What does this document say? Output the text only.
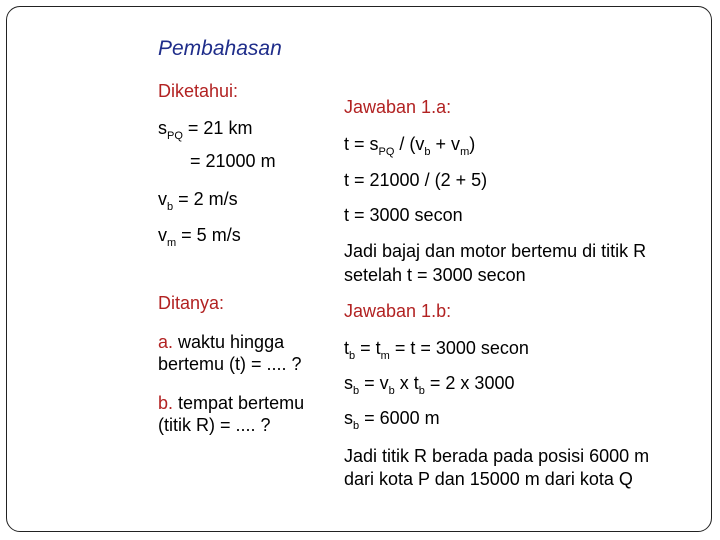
Pembahasan
Diketahui:
$s_{PQ} = 21$ km
= 21000 m
$v_b = 2$ m/s
$v_m = 5$ m/s
Ditanya:
a. waktu hingga
bertemu (t) = .... ?
b. tempat bertemu
(titik R) = .... ?
Jawaban 1.a:
$t = s_{PQ} / (v_b + v_m)$
t = 21000 / (2 + 5)
t = 3000 secon
Jadi bajaj dan motor bertemu di titik R
setelah t = 3000 secon
Jawaban 1.b:
$t_b = t_m = t = 3000$ secon
$s_b = v_b$ x $t_b = 2$ x 3000
$s_b = 6000$ m
Jadi titik R berada pada posisi 6000 m
dari kota P dan 15000 m dari kota Q
